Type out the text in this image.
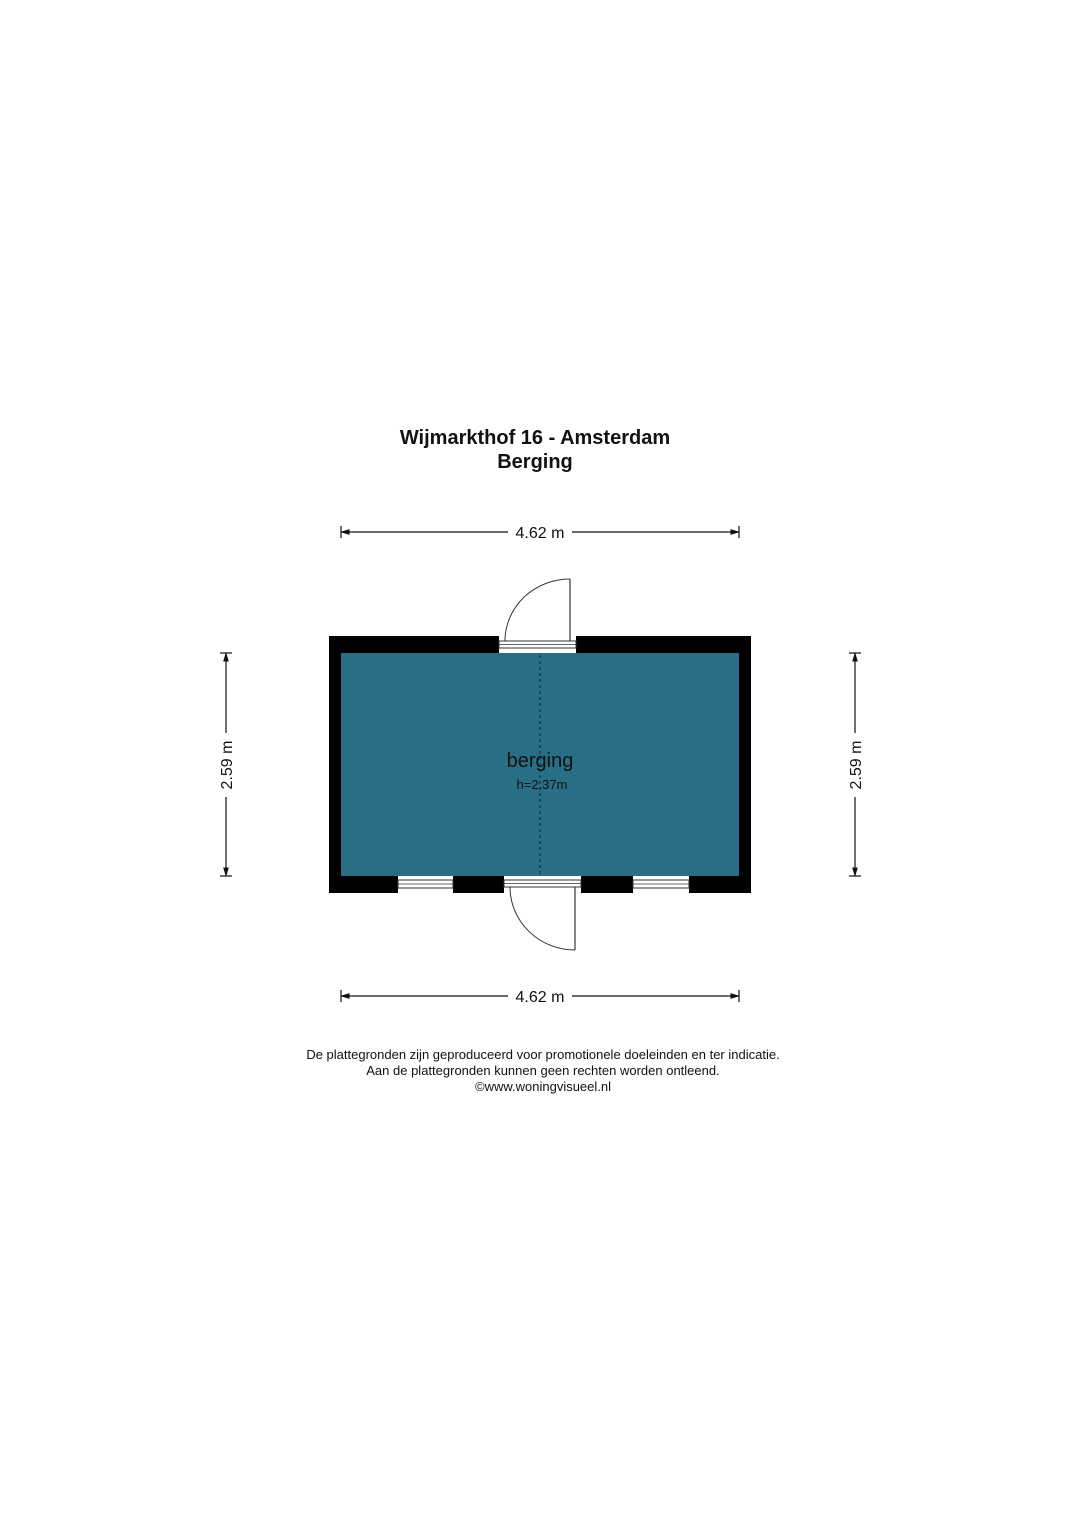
Wijmarkthof 16 - Amsterdam
Berging
4.62 m
4.62 m
2.59 m	2.59 m
berging
h=2.37m
De plattegronden zijn geproduceerd voor promotionele doeleinden en ter indicatie.
Aan de plattegronden kunnen geen rechten worden ontleend.
©www.woningvisueel.nl
